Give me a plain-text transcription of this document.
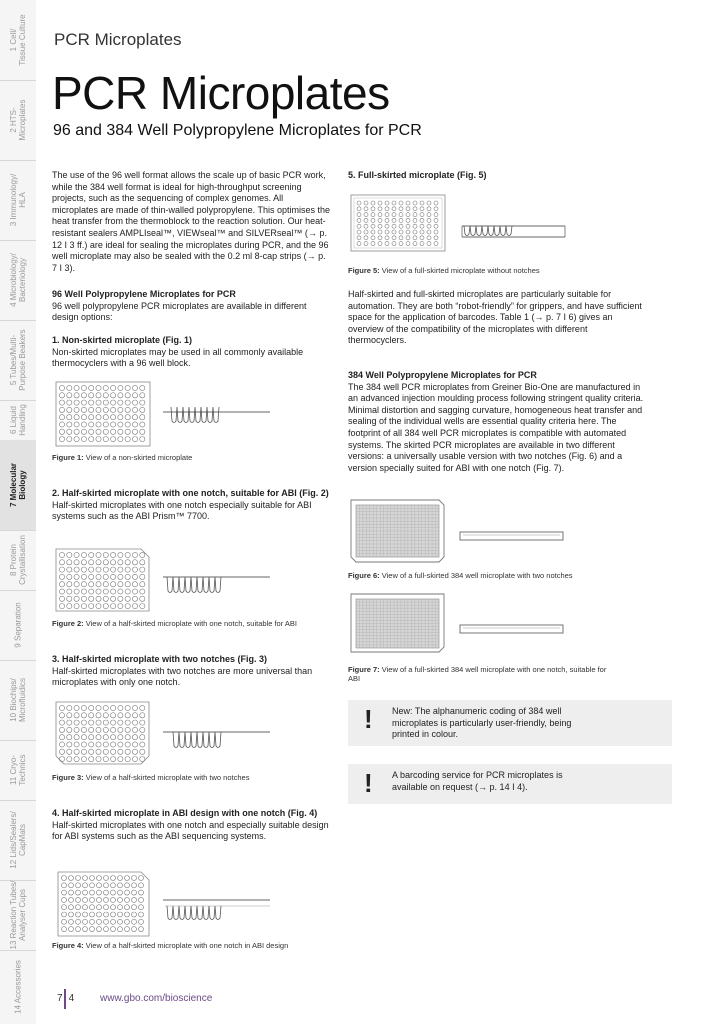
1 Cell/
Tissue Culture
2 HTS-
Microplates
3 Immunology/
HLA
4 Microbiology/
Bacteriology
5 Tubes/Multi-
Purpose Beakers
6 Liquid
Handling
7 Molecular
Biology
8 Protein
Crystallisation
9 Separation
10 Biochips/
Microfluidics
11 Cryo-
Technics
12 Lids/Sealers/
CapMats
13 Reaction Tubes/
Analyser Cups
14 Accessories
PCR Microplates
PCR Microplates
96 and 384 Well Polypropylene Microplates for PCR

The use of the 96 well format allows the scale up of basic PCR work, while the 384 well format is ideal for high-throughput screening projects, such as the sequencing of complex genomes. All microplates are made of thin-walled polypropylene. This optimises the heat transfer from the thermoblock to the reaction solution. Our heat-resistant sealers AMPLIseal™, VIEWseal™ and SILVERseal™ (→ p. 12 I 3 ff.) are ideal for sealing the microplates during PCR, and the 96 well microplate may also be sealed with the 0.2 ml 8-cap strips (→ p. 7 I 3).

96 Well Polypropylene Microplates for PCR

96 well polypropylene PCR microplates are available in different design options:

1. Non-skirted microplate (Fig. 1)

Non-skirted microplates may be used in all commonly available thermocyclers with a 96 well block.

Figure 1: View of a non-skirted microplate

2. Half-skirted microplate with one notch, suitable for ABI (Fig. 2)

Half-skirted microplates with one notch especially suitable for ABI systems such as the ABI Prism™ 7700.

Figure 2: View of a half-skirted microplate with one notch, suitable for ABI

3. Half-skirted microplate with two notches (Fig. 3)

Half-skirted microplates with two notches are more universal than microplates with only one notch.

Figure 3: View of a half-skirted microplate with two notches

4. Half-skirted microplate in ABI design with one notch (Fig. 4)

Half-skirted microplates with one notch and especially suitable design for ABI systems such as the ABI sequencing systems.

Figure 4: View of a half-skirted microplate with one notch in ABI design

5. Full-skirted microplate (Fig. 5)

Figure 5: View of a full-skirted microplate without notches

Half-skirted and full-skirted microplates are particularly suitable for automation. They are both “robot-friendly” for grippers, and have sufficient space for the application of barcodes. Table 1 (→ p. 7 I 6) gives an overview of the compatibility of the microplates with different thermocyclers.

384 Well Polypropylene Microplates for PCR

The 384 well PCR microplates from Greiner Bio-One are manufactured in an advanced injection moulding process following stringent quality criteria. Minimal distortion and sagging curvature, homogeneous heat transfer and sealing of the individual wells are essential quality criteria here. The footprint of all 384 well PCR microplates is compatible with automated systems. The skirted PCR microplates are available in two different versions: a universally usable version with two notches (Fig. 6) and a version specially suited for ABI with one notch (Fig. 7).

Figure 6: View of a full-skirted 384 well microplate with two notches
Figure 7: View of a full-skirted 384 well microplate with one notch, suitable for ABI
! New: The alphanumeric coding of 384 well microplates is particularly user-friendly, being printed in colour.
! A barcoding service for PCR microplates is available on request (→ p. 14 I 4).
7 4	www.gbo.com/bioscience
